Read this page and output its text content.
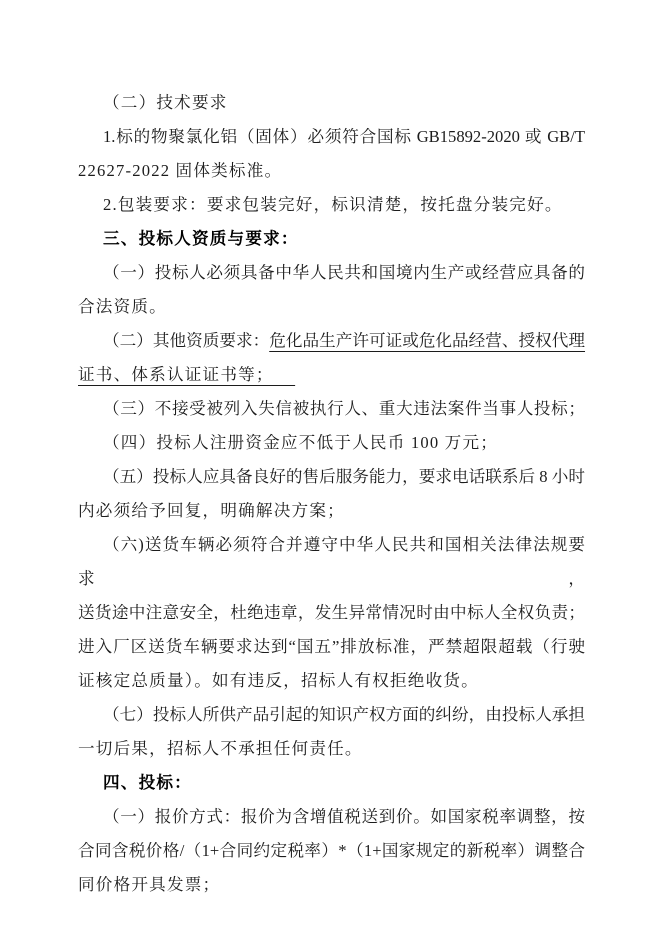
（二）技术要求
1.标的物聚氯化铝（固体）必须符合国标 GB15892-2020 或 GB/T
22627-2022 固体类标准。
2.包装要求：要求包装完好，标识清楚，按托盘分装完好。
三、投标人资质与要求：
（一）投标人必须具备中华人民共和国境内生产或经营应具备的
合法资质。
（二）其他资质要求：危化品生产许可证或危化品经营、授权代理
证书、体系认证证书等；
（三）不接受被列入失信被执行人、重大违法案件当事人投标；
（四）投标人注册资金应不低于人民币 100 万元；
（五）投标人应具备良好的售后服务能力，要求电话联系后 8 小时
内必须给予回复，明确解决方案；
（六)送货车辆必须符合并遵守中华人民共和国相关法律法规要求，
送货途中注意安全，杜绝违章，发生异常情况时由中标人全权负责；
进入厂区送货车辆要求达到“国五”排放标准，严禁超限超载（行驶
证核定总质量）。如有违反，招标人有权拒绝收货。
（七）投标人所供产品引起的知识产权方面的纠纷，由投标人承担
一切后果，招标人不承担任何责任。
四、投标：
（一）报价方式：报价为含增值税送到价。如国家税率调整，按
合同含税价格/（1+合同约定税率）*（1+国家规定的新税率）调整合
同价格开具发票；
